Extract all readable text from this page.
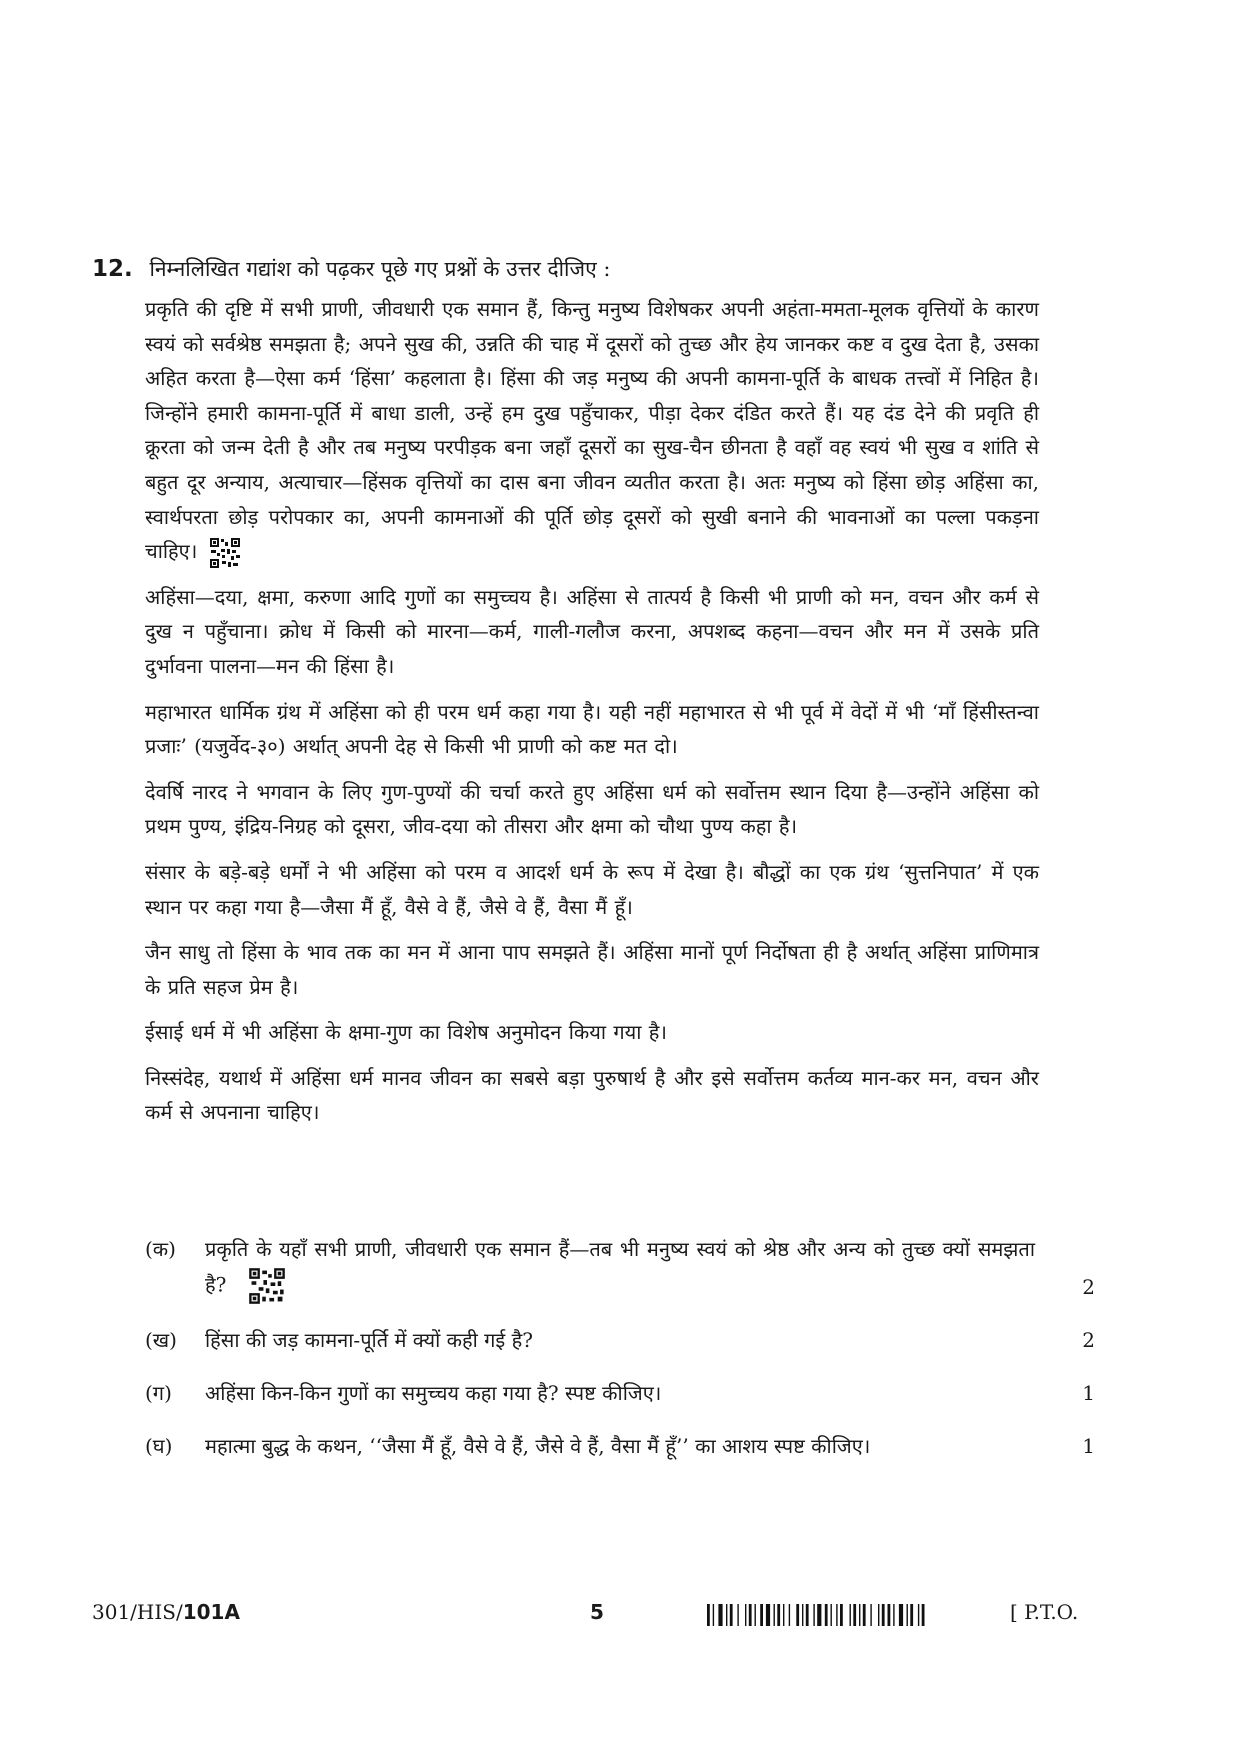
12. निम्नलिखित गद्यांश को पढ़कर पूछे गए प्रश्नों के उत्तर दीजिए :

प्रकृति की दृष्टि में सभी प्राणी, जीवधारी एक समान हैं, किन्तु मनुष्य विशेषकर अपनी अहंता-ममता-मूलक वृत्तियों के कारण स्वयं को सर्वश्रेष्ठ समझता है; अपने सुख की, उन्नति की चाह में दूसरों को तुच्छ और हेय जानकर कष्ट व दुख देता है, उसका अहित करता है—ऐसा कर्म ‘हिंसा’ कहलाता है। हिंसा की जड़ मनुष्य की अपनी कामना-पूर्ति के बाधक तत्त्वों में निहित है। जिन्होंने हमारी कामना-पूर्ति में बाधा डाली, उन्हें हम दुख पहुँचाकर, पीड़ा देकर दंडित करते हैं। यह दंड देने की प्रवृति ही क्रूरता को जन्म देती है और तब मनुष्य परपीड़क बना जहाँ दूसरों का सुख-चैन छीनता है वहाँ वह स्वयं भी सुख व शांति से बहुत दूर अन्याय, अत्याचार—हिंसक वृत्तियों का दास बना जीवन व्यतीत करता है। अतः मनुष्य को हिंसा छोड़ अहिंसा का, स्वार्थपरता छोड़ परोपकार का, अपनी कामनाओं की पूर्ति छोड़ दूसरों को सुखी बनाने की भावनाओं का पल्ला पकड़ना चाहिए।

अहिंसा—दया, क्षमा, करुणा आदि गुणों का समुच्चय है। अहिंसा से तात्पर्य है किसी भी प्राणी को मन, वचन और कर्म से दुख न पहुँचाना। क्रोध में किसी को मारना—कर्म, गाली-गलौज करना, अपशब्द कहना—वचन और मन में उसके प्रति दुर्भावना पालना—मन की हिंसा है।

महाभारत धार्मिक ग्रंथ में अहिंसा को ही परम धर्म कहा गया है। यही नहीं महाभारत से भी पूर्व में वेदों में भी ‘माँ हिंसीस्तन्वा प्रजाः’ (यजुर्वेद-३०) अर्थात् अपनी देह से किसी भी प्राणी को कष्ट मत दो।

देवर्षि नारद ने भगवान के लिए गुण-पुण्यों की चर्चा करते हुए अहिंसा धर्म को सर्वोत्तम स्थान दिया है—उन्होंने अहिंसा को प्रथम पुण्य, इंद्रिय-निग्रह को दूसरा, जीव-दया को तीसरा और क्षमा को चौथा पुण्य कहा है।

संसार के बड़े-बड़े धर्मों ने भी अहिंसा को परम व आदर्श धर्म के रूप में देखा है। बौद्धों का एक ग्रंथ ‘सुत्तनिपात’ में एक स्थान पर कहा गया है—जैसा मैं हूँ, वैसे वे हैं, जैसे वे हैं, वैसा मैं हूँ।

जैन साधु तो हिंसा के भाव तक का मन में आना पाप समझते हैं। अहिंसा मानों पूर्ण निर्दोषता ही है अर्थात् अहिंसा प्राणिमात्र के प्रति सहज प्रेम है।

ईसाई धर्म में भी अहिंसा के क्षमा-गुण का विशेष अनुमोदन किया गया है।

निस्संदेह, यथार्थ में अहिंसा धर्म मानव जीवन का सबसे बड़ा पुरुषार्थ है और इसे सर्वोत्तम कर्तव्य मान-कर मन, वचन और कर्म से अपनाना चाहिए।

(क)	प्रकृति के यहाँ सभी प्राणी, जीवधारी एक समान हैं—तब भी मनुष्य स्वयं को श्रेष्ठ और अन्य को तुच्छ क्यों समझता है?	2
(ख)	हिंसा की जड़ कामना-पूर्ति में क्यों कही गई है?	2
(ग)	अहिंसा किन-किन गुणों का समुच्चय कहा गया है? स्पष्ट कीजिए।	1
(घ)	महात्मा बुद्ध के कथन, ‘‘जैसा मैं हूँ, वैसे वे हैं, जैसे वे हैं, वैसा मैं हूँ’’ का आशय स्पष्ट कीजिए।	1
301/HIS/101A	5	[ P.T.O.
